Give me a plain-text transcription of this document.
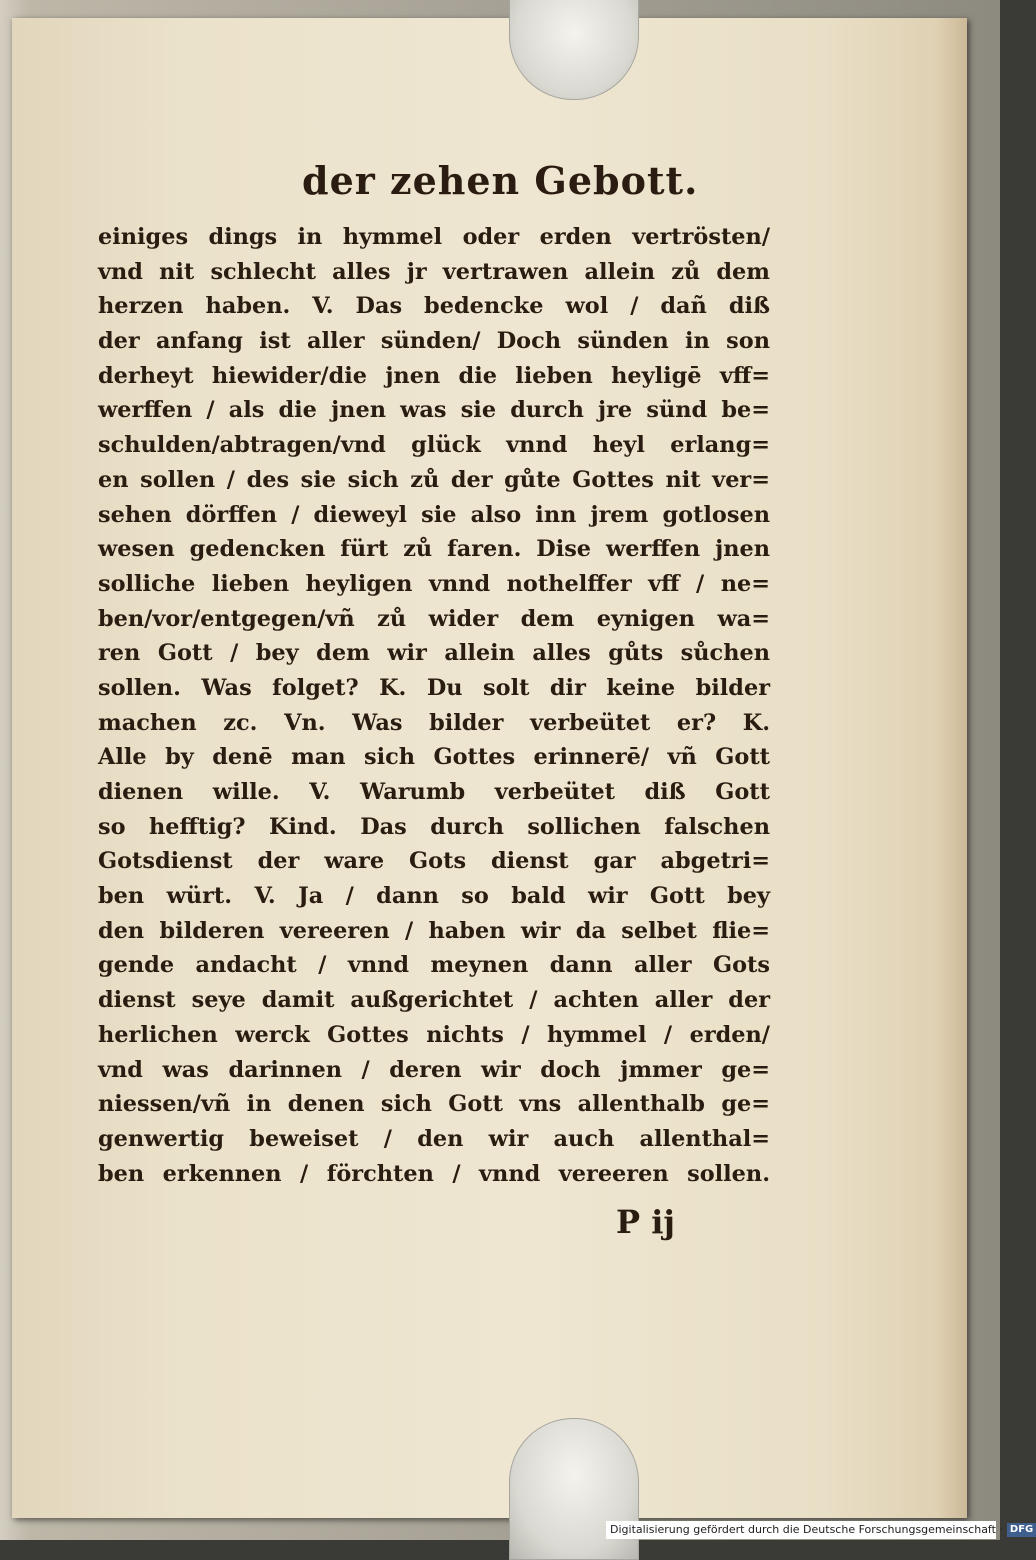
der zehen Gebott.
einiges dings in hymmel oder erden vertrösten/
vnd nit schlecht alles jr vertrawen allein zů dem
herzen haben. V. Das bedencke wol / dañ diß
der anfang ist aller sünden/ Doch sünden in son
derheyt hiewider/die jnen die lieben heyligē vff=
werffen / als die jnen was sie durch jre sünd be=
schulden/abtragen/vnd glück vnnd heyl erlang=
en sollen / des sie sich zů der gůte Gottes nit ver=
sehen dörffen / dieweyl sie also inn jrem gotlosen
wesen gedencken fürt zů faren. Dise werffen jnen
solliche lieben heyligen vnnd nothelffer vff / ne=
ben/vor/entgegen/vñ zů wider dem eynigen wa=
ren Gott / bey dem wir allein alles gůts sůchen
sollen. Was folget? K. Du solt dir keine bilder
machen zc. Vn. Was bilder verbeütet er? K.
Alle by denē man sich Gottes erinnerē/ vñ Gott
dienen wille. V. Warumb verbeütet diß Gott
so hefftig? Kind. Das durch sollichen falschen
Gotsdienst der ware Gots dienst gar abgetri=
ben würt. V. Ja / dann so bald wir Gott bey
den bilderen vereeren / haben wir da selbet flie=
gende andacht / vnnd meynen dann aller Gots
dienst seye damit außgerichtet / achten aller der
herlichen werck Gottes nichts / hymmel / erden/
vnd was darinnen / deren wir doch jmmer ge=
niessen/vñ in denen sich Gott vns allenthalb ge=
genwertig beweiset / den wir auch allenthal=
ben erkennen / förchten / vnnd vereeren sollen.
P ij
Digitalisierung gefördert durch die Deutsche Forschungsgemeinschaft · DFG
